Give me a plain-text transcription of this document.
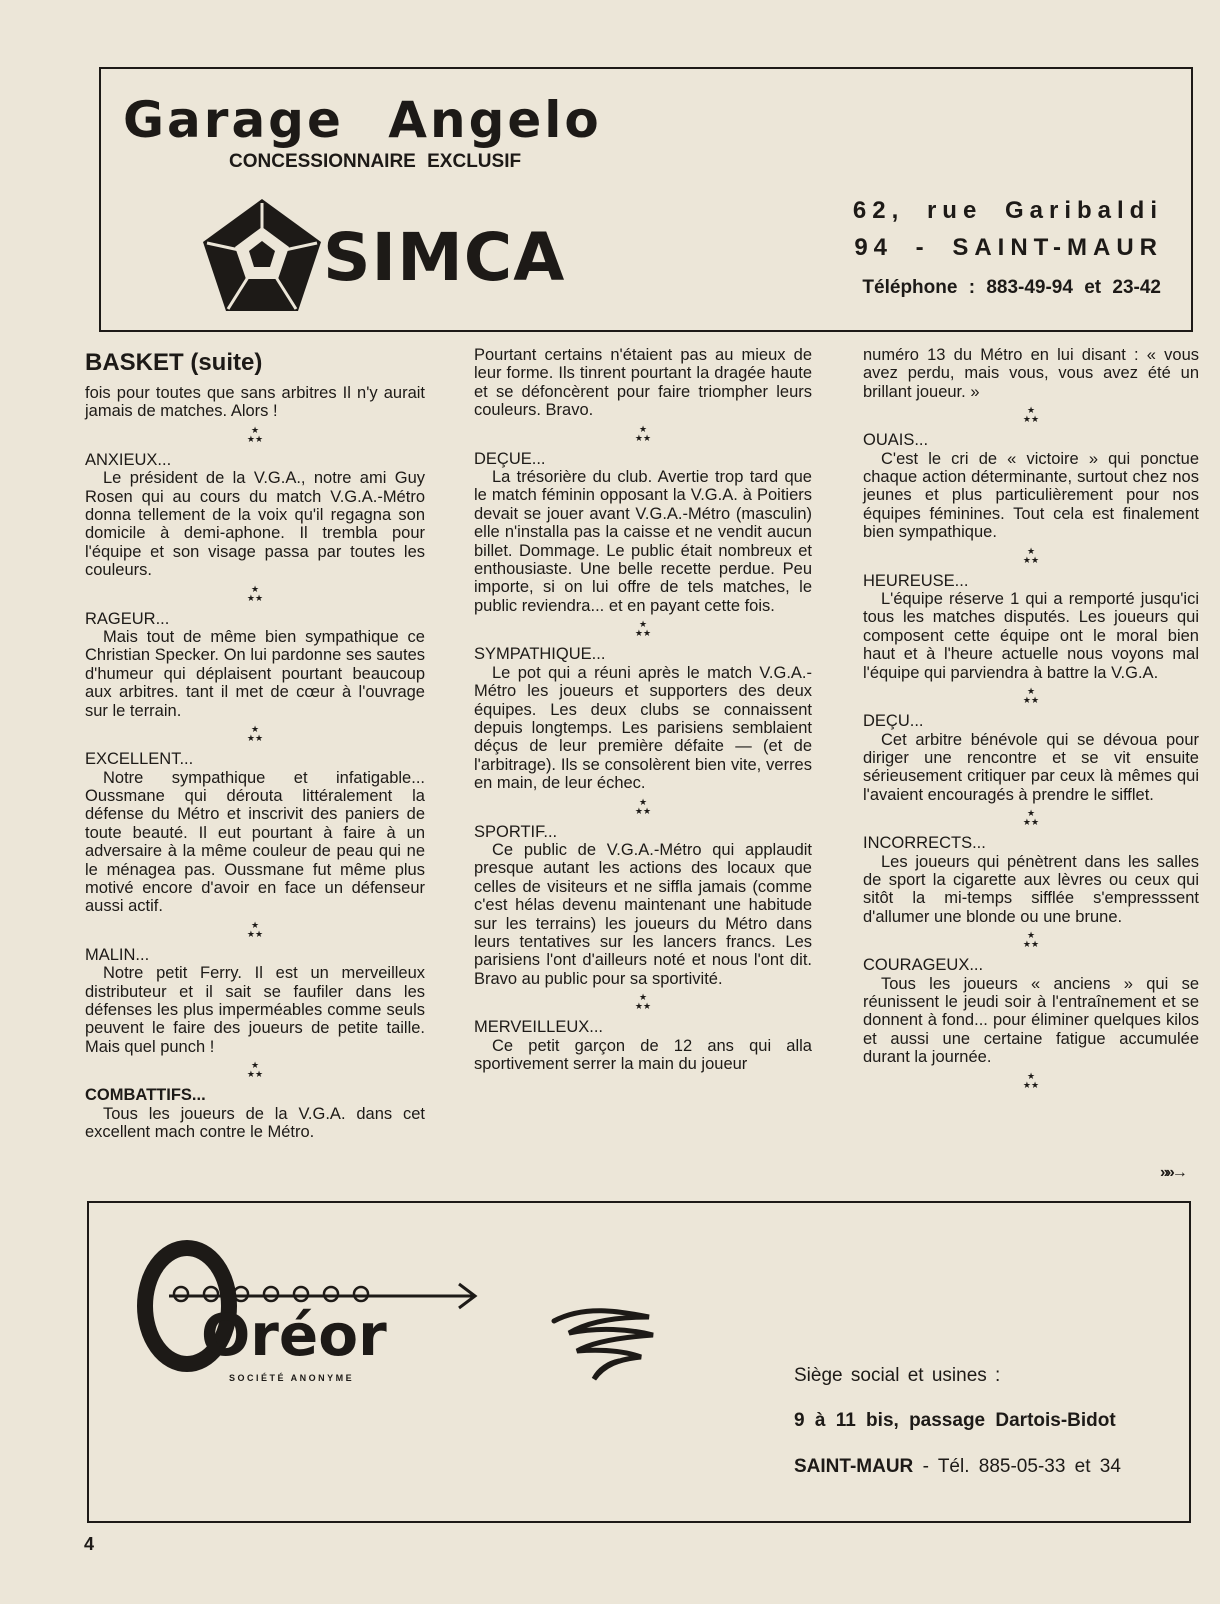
Garage Angelo
CONCESSIONNAIRE EXCLUSIF
SIMCA
62, rue Garibaldi
94 - SAINT-MAUR
Téléphone : 883-49-94 et 23-42
BASKET (suite)
fois pour toutes que sans arbitres Il n'y aurait jamais de matches. Alors !
★
★★
ANXIEUX...
Le président de la V.G.A., notre ami Guy Rosen qui au cours du match V.G.A.-Métro donna tellement de la voix qu'il regagna son domicile à demi-aphone. Il trembla pour l'équipe et son visage passa par toutes les couleurs.
★
★★
RAGEUR...
Mais tout de même bien sympathique ce Christian Specker. On lui pardonne ses sautes d'humeur qui déplaisent pourtant beaucoup aux arbitres. tant il met de cœur à l'ouvrage sur le terrain.
★
★★
EXCELLENT...
Notre sympathique et infatigable... Oussmane qui dérouta littéralement la défense du Métro et inscrivit des paniers de toute beauté. Il eut pourtant à faire à un adversaire à la même couleur de peau qui ne le ménagea pas. Oussmane fut même plus motivé encore d'avoir en face un défenseur aussi actif.
★
★★
MALIN...
Notre petit Ferry. Il est un merveilleux distributeur et il sait se faufiler dans les défenses les plus imperméables comme seuls peuvent le faire des joueurs de petite taille. Mais quel punch !
★
★★
COMBATTIFS...
Tous les joueurs de la V.G.A. dans cet excellent mach contre le Métro.
Pourtant certains n'étaient pas au mieux de leur forme. Ils tinrent pourtant la dragée haute et se défoncèrent pour faire triompher leurs couleurs. Bravo.
★
★★
DEÇUE...
La trésorière du club. Avertie trop tard que le match féminin opposant la V.G.A. à Poitiers devait se jouer avant V.G.A.-Métro (masculin) elle n'installa pas la caisse et ne vendit aucun billet. Dommage. Le public était nombreux et enthousiaste. Une belle recette perdue. Peu importe, si on lui offre de tels matches, le public reviendra... et en payant cette fois.
★
★★
SYMPATHIQUE...
Le pot qui a réuni après le match V.G.A.-Métro les joueurs et supporters des deux équipes. Les deux clubs se connaissent depuis longtemps. Les parisiens semblaient déçus de leur première défaite — (et de l'arbitrage). Ils se consolèrent bien vite, verres en main, de leur échec.
★
★★
SPORTIF...
Ce public de V.G.A.-Métro qui applaudit presque autant les actions des locaux que celles de visiteurs et ne siffla jamais (comme c'est hélas devenu maintenant une habitude sur les terrains) les joueurs du Métro dans leurs tentatives sur les lancers francs. Les parisiens l'ont d'ailleurs noté et nous l'ont dit. Bravo au public pour sa sportivité.
★
★★
MERVEILLEUX...
Ce petit garçon de 12 ans qui alla sportivement serrer la main du joueur
numéro 13 du Métro en lui disant : « vous avez perdu, mais vous, vous avez été un brillant joueur. »
★
★★
OUAIS...
C'est le cri de « victoire » qui ponctue chaque action déterminante, surtout chez nos jeunes et plus particulièrement pour nos équipes féminines. Tout cela est finalement bien sympathique.
★
★★
HEUREUSE...
L'équipe réserve 1 qui a remporté jusqu'ici tous les matches disputés. Les joueurs qui composent cette équipe ont le moral bien haut et à l'heure actuelle nous voyons mal l'équipe qui parviendra à battre la V.G.A.
★
★★
DEÇU...
Cet arbitre bénévole qui se dévoua pour diriger une rencontre et se vit ensuite sérieusement critiquer par ceux là mêmes qui l'avaient encouragés à prendre le sifflet.
★
★★
INCORRECTS...
Les joueurs qui pénètrent dans les salles de sport la cigarette aux lèvres ou ceux qui sitôt la mi-temps sifflée s'empresssent d'allumer une blonde ou une brune.
★
★★
COURAGEUX...
Tous les joueurs « anciens » qui se réunissent le jeudi soir à l'entraînement et se donnent à fond... pour éliminer quelques kilos et aussi une certaine fatigue accumulée durant la journée.
★
★★
»»→
Oréor
SOCIÉTÉ ANONYME	Siège social et usines :
9 à 11 bis, passage Dartois-Bidot
SAINT-MAUR - Tél. 885-05-33 et 34
4
